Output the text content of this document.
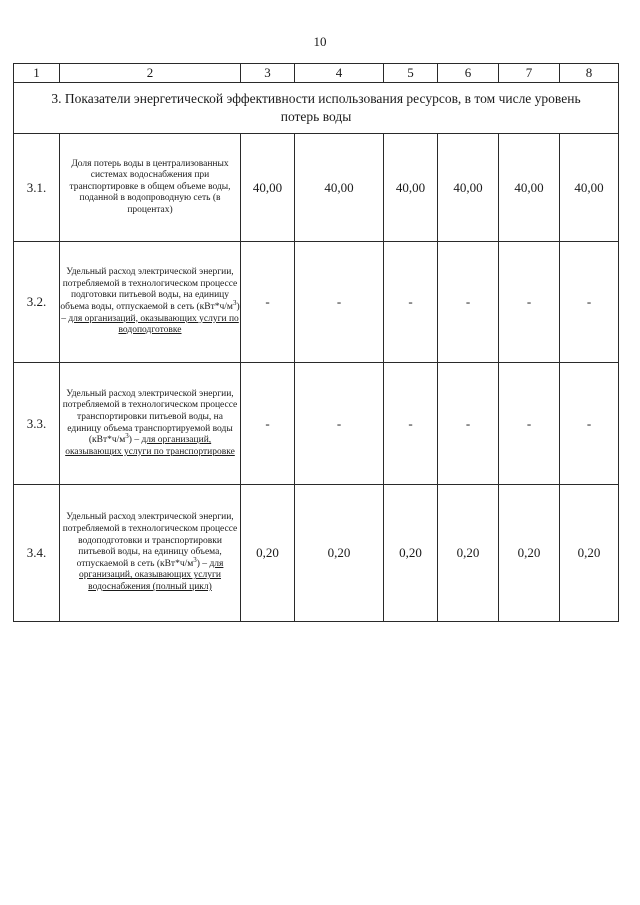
10
1	2	3	4	5	6	7	8
3. Показатели энергетической эффективности использования ресурсов, в том числе уровень потерь воды							
3.1.	Доля потерь воды в централизованных системах водоснабжения при транспортировке в общем объеме воды, поданной в водопроводную сеть (в процентах)	40,00	40,00	40,00	40,00	40,00	40,00
3.2.	Удельный расход электрической энергии, потребляемой в технологическом процессе подготовки питьевой воды, на единицу объема воды, отпускаемой в сеть $(кВт*ч/м^3)$ – для организаций, оказывающих услуги по водоподготовке	-	-	-	-	-	-
3.3.	Удельный расход электрической энергии, потребляемой в технологическом процессе транспортировки питьевой воды, на единицу объема транспортируемой воды $(кВт*ч/м^3)$ – для организаций, оказывающих услуги по транспортировке	-	-	-	-	-	-
3.4.	Удельный расход электрической энергии, потребляемой в технологическом процессе водоподготовки и транспортировки питьевой воды, на единицу объема, отпускаемой в сеть $(кВт*ч/м^3)$ – для организаций, оказывающих услуги водоснабжения (полный цикл)	0,20	0,20	0,20	0,20	0,20	0,20
